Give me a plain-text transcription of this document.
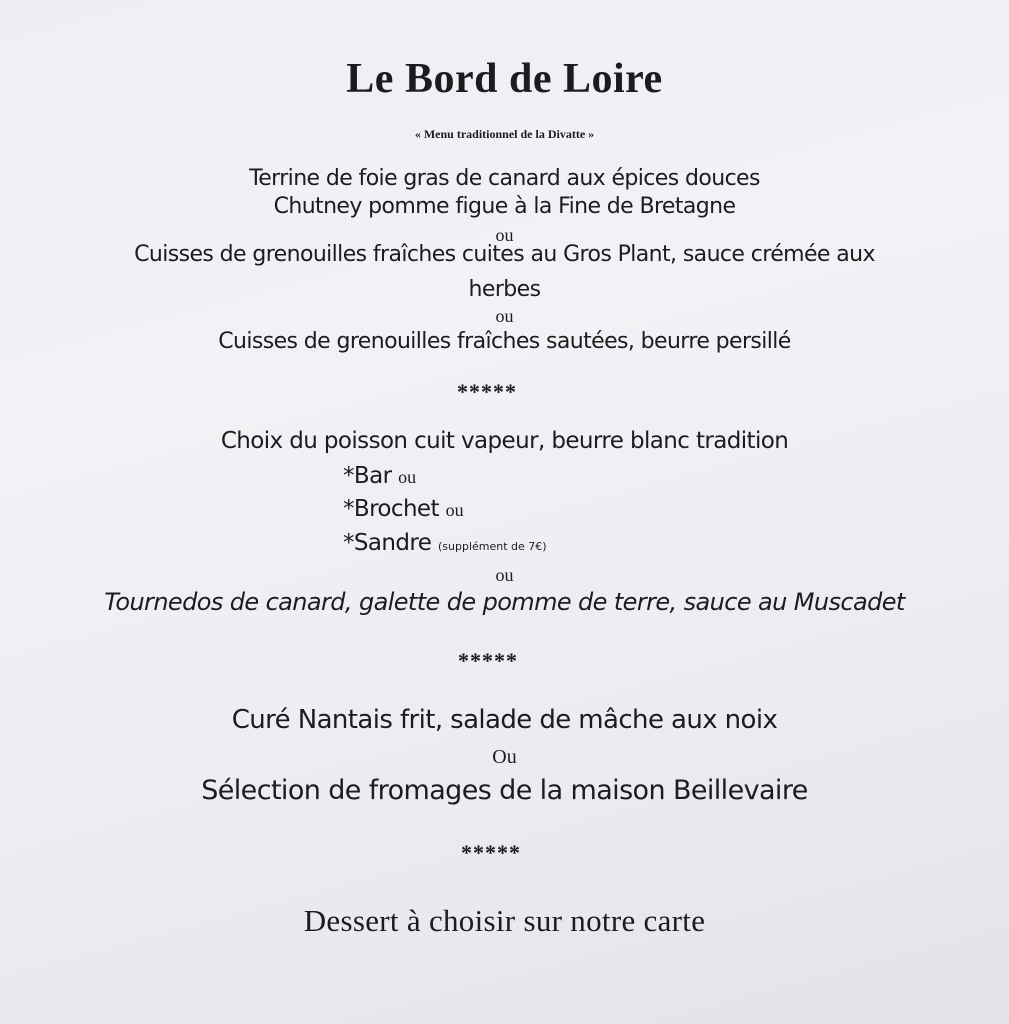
Le Bord de Loire
« Menu traditionnel de la Divatte »
Terrine de foie gras de canard aux épices douces
Chutney pomme figue à la Fine de Bretagne
ou
Cuisses de grenouilles fraîches cuites au Gros Plant, sauce crémée aux
herbes
ou
Cuisses de grenouilles fraîches sautées, beurre persillé
*****
Choix du poisson cuit vapeur, beurre blanc tradition
*Bar ou
*Brochet ou
*Sandre (supplément de 7€)
ou
Tournedos de canard, galette de pomme de terre, sauce au Muscadet
*****
Curé Nantais frit, salade de mâche aux noix
Ou
Sélection de fromages de la maison Beillevaire
*****
Dessert à choisir sur notre carte
